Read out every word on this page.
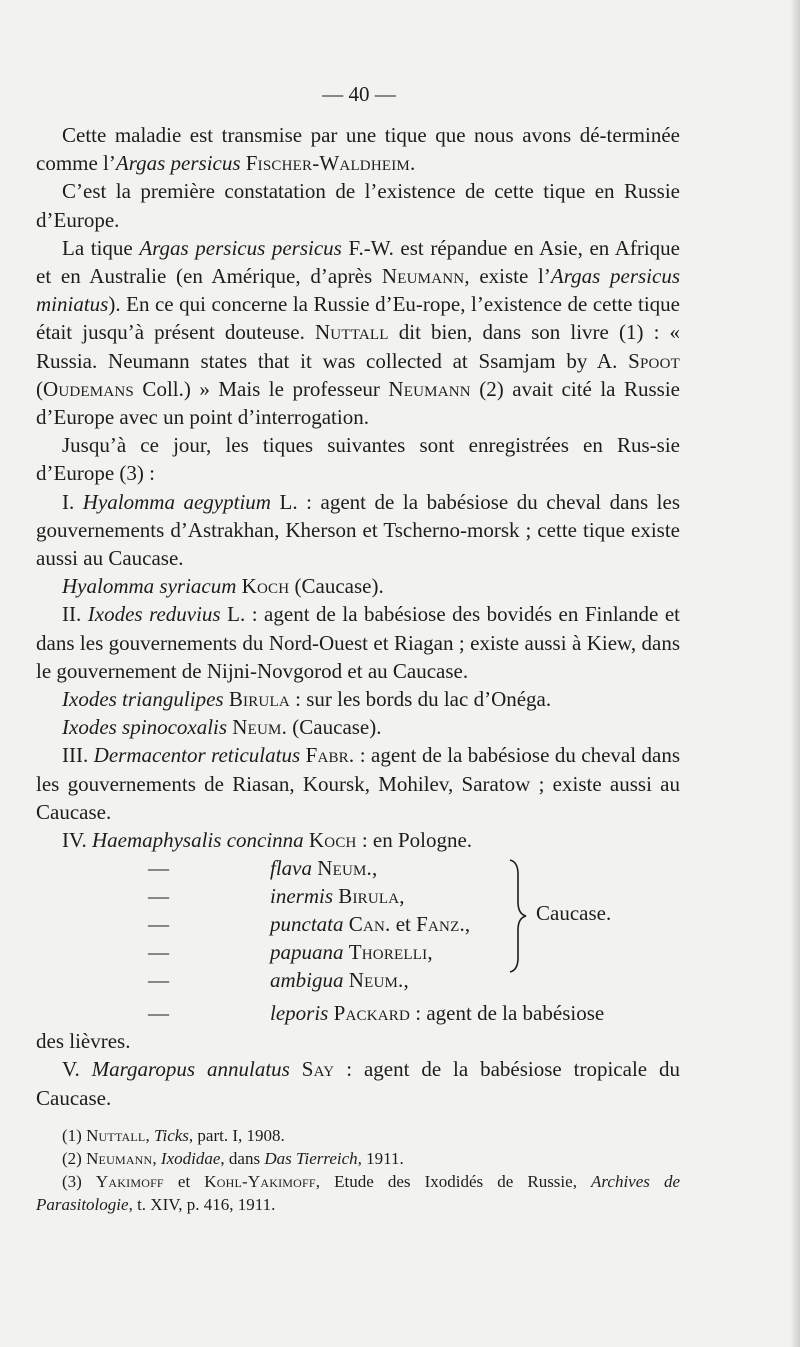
— 40 —

Cette maladie est transmise par une tique que nous avons dé-terminée comme l’Argas persicus Fischer-Waldheim.

C’est la première constatation de l’existence de cette tique en Russie d’Europe.

La tique Argas persicus persicus F.-W. est répandue en Asie, en Afrique et en Australie (en Amérique, d’après Neumann, existe l’Argas persicus miniatus). En ce qui concerne la Russie d’Eu-rope, l’existence de cette tique était jusqu’à présent douteuse. Nuttall dit bien, dans son livre (1) : « Russia. Neumann states that it was collected at Ssamjam by A. Spoot (Oudemans Coll.) » Mais le professeur Neumann (2) avait cité la Russie d’Europe avec un point d’interrogation.

Jusqu’à ce jour, les tiques suivantes sont enregistrées en Rus-sie d’Europe (3) :

I. Hyalomma aegyptium L. : agent de la babésiose du cheval dans les gouvernements d’Astrakhan, Kherson et Tscherno-morsk ; cette tique existe aussi au Caucase.

Hyalomma syriacum Koch (Caucase).

II. Ixodes reduvius L. : agent de la babésiose des bovidés en Finlande et dans les gouvernements du Nord-Ouest et Riagan ; existe aussi à Kiew, dans le gouvernement de Nijni-Novgorod et au Caucase.

Ixodes triangulipes Birula : sur les bords du lac d’Onéga.

Ixodes spinocoxalis Neum. (Caucase).

III. Dermacentor reticulatus Fabr. : agent de la babésiose du cheval dans les gouvernements de Riasan, Koursk, Mohilev, Saratow ; existe aussi au Caucase.

IV. Haemaphysalis concinna Koch : en Pologne.

—	flava Neum.,
—	inermis Birula,
—	punctata Can. et Fanz.,
—	papuana Thorelli,
—	ambigua Neum.,
Caucase.

—	leporis Packard : agent de la babésiose

des lièvres.

V. Margaropus annulatus Say : agent de la babésiose tropicale du Caucase.

(1) Nuttall, Ticks, part. I, 1908.

(2) Neumann, Ixodidae, dans Das Tierreich, 1911.

(3) Yakimoff et Kohl-Yakimoff, Etude des Ixodidés de Russie, Archives de Parasitologie, t. XIV, p. 416, 1911.
